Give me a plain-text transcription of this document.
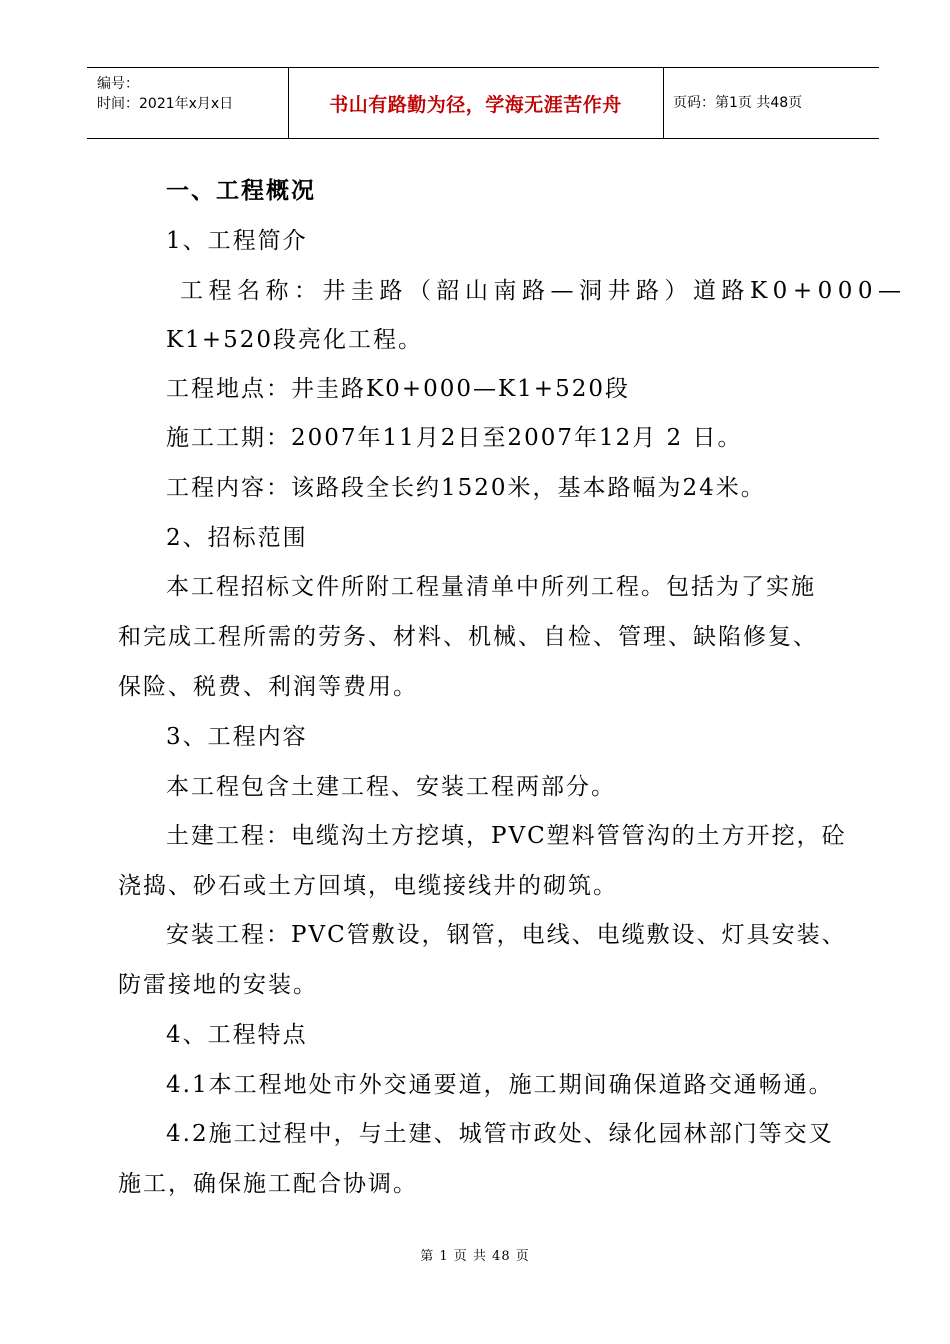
编号：
时间：2021年x月x日	书山有路勤为径，学海无涯苦作舟	页码：第1页 共48页
一、工程概况
1、工程简介
工程名称：井圭路（韶山南路—洞井路）道路K0+000—
K1+520段亮化工程。
工程地点：井圭路K0+000—K1+520段
施工工期：2007年11月2日至2007年12月 2 日。
工程内容：该路段全长约1520米，基本路幅为24米。
2、招标范围
本工程招标文件所附工程量清单中所列工程。包括为了实施
和完成工程所需的劳务、材料、机械、自检、管理、缺陷修复、
保险、税费、利润等费用。
3、工程内容
本工程包含土建工程、安装工程两部分。
土建工程：电缆沟土方挖填，PVC塑料管管沟的土方开挖，砼
浇捣、砂石或土方回填，电缆接线井的砌筑。
安装工程：PVC管敷设，钢管，电线、电缆敷设、灯具安装、
防雷接地的安装。
4、工程特点
4.1本工程地处市外交通要道，施工期间确保道路交通畅通。
4.2施工过程中，与土建、城管市政处、绿化园林部门等交叉
施工，确保施工配合协调。
第 1 页 共 48 页
